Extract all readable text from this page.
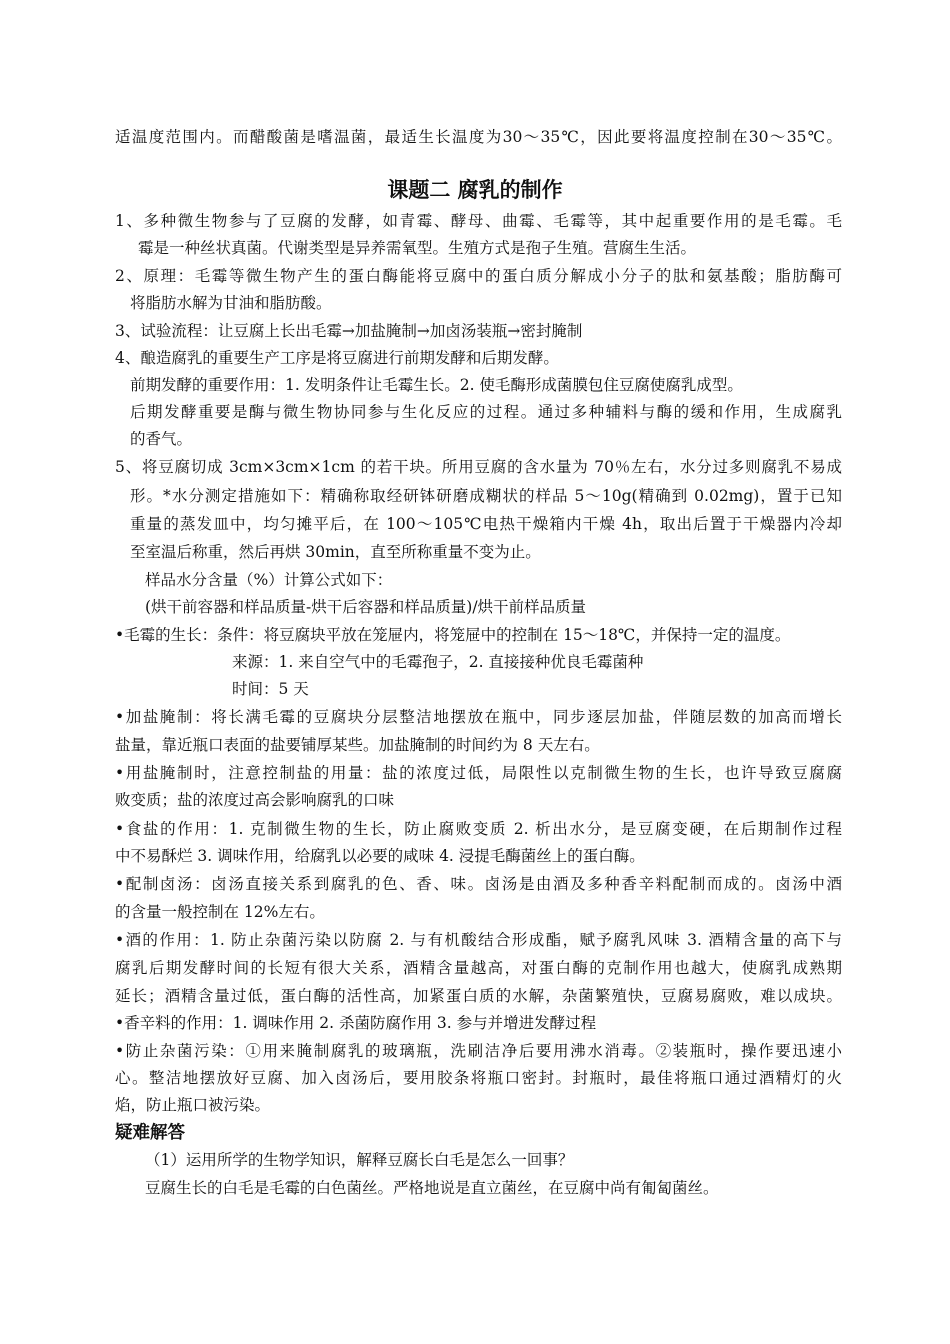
适温度范围内。而醋酸菌是嗜温菌，最适生长温度为30～35℃，因此要将温度控制在30～35℃。
课题二 腐乳的制作
1、多种微生物参与了豆腐的发酵，如青霉、酵母、曲霉、毛霉等，其中起重要作用的是毛霉。毛
霉是一种丝状真菌。代谢类型是异养需氧型。生殖方式是孢子生殖。营腐生生活。
2、原理：毛霉等微生物产生的蛋白酶能将豆腐中的蛋白质分解成小分子的肽和氨基酸；脂肪酶可
将脂肪水解为甘油和脂肪酸。
3、试验流程：让豆腐上长出毛霉→加盐腌制→加卤汤装瓶→密封腌制
4、酿造腐乳的重要生产工序是将豆腐进行前期发酵和后期发酵。
前期发酵的重要作用：1. 发明条件让毛霉生长。2. 使毛酶形成菌膜包住豆腐使腐乳成型。
后期发酵重要是酶与微生物协同参与生化反应的过程。通过多种辅料与酶的缓和作用，生成腐乳
的香气。
5、将豆腐切成 3cm×3cm×1cm 的若干块。所用豆腐的含水量为 70％左右，水分过多则腐乳不易成
形。*水分测定措施如下：精确称取经研钵研磨成糊状的样品 5～10g(精确到 0.02mg)，置于已知
重量的蒸发皿中，均匀摊平后，在 100～105℃电热干燥箱内干燥 4h，取出后置于干燥器内冷却
至室温后称重，然后再烘 30min，直至所称重量不变为止。
样品水分含量（%）计算公式如下：
(烘干前容器和样品质量-烘干后容器和样品质量)/烘干前样品质量
•毛霉的生长：条件：将豆腐块平放在笼屉内，将笼屉中的控制在 15～18℃，并保持一定的温度。
来源：1. 来自空气中的毛霉孢子，2. 直接接种优良毛霉菌种
时间：5 天
•加盐腌制：将长满毛霉的豆腐块分层整洁地摆放在瓶中，同步逐层加盐，伴随层数的加高而增长
盐量，靠近瓶口表面的盐要铺厚某些。加盐腌制的时间约为 8 天左右。
•用盐腌制时，注意控制盐的用量：盐的浓度过低，局限性以克制微生物的生长，也许导致豆腐腐
败变质；盐的浓度过高会影响腐乳的口味
•食盐的作用：1. 克制微生物的生长，防止腐败变质 2. 析出水分，是豆腐变硬，在后期制作过程
中不易酥烂 3. 调味作用，给腐乳以必要的咸味 4. 浸提毛酶菌丝上的蛋白酶。
•配制卤汤：卤汤直接关系到腐乳的色、香、味。卤汤是由酒及多种香辛料配制而成的。卤汤中酒
的含量一般控制在 12%左右。
•酒的作用：1. 防止杂菌污染以防腐 2. 与有机酸结合形成酯，赋予腐乳风味 3. 酒精含量的高下与
腐乳后期发酵时间的长短有很大关系，酒精含量越高，对蛋白酶的克制作用也越大，使腐乳成熟期
延长；酒精含量过低，蛋白酶的活性高，加紧蛋白质的水解，杂菌繁殖快，豆腐易腐败，难以成块。
•香辛料的作用：1. 调味作用 2. 杀菌防腐作用 3. 参与并增进发酵过程
•防止杂菌污染：①用来腌制腐乳的玻璃瓶，洗刷洁净后要用沸水消毒。②装瓶时，操作要迅速小
心。整洁地摆放好豆腐、加入卤汤后，要用胶条将瓶口密封。封瓶时，最佳将瓶口通过酒精灯的火
焰，防止瓶口被污染。
疑难解答
（1）运用所学的生物学知识，解释豆腐长白毛是怎么一回事？
豆腐生长的白毛是毛霉的白色菌丝。严格地说是直立菌丝，在豆腐中尚有匍匐菌丝。
